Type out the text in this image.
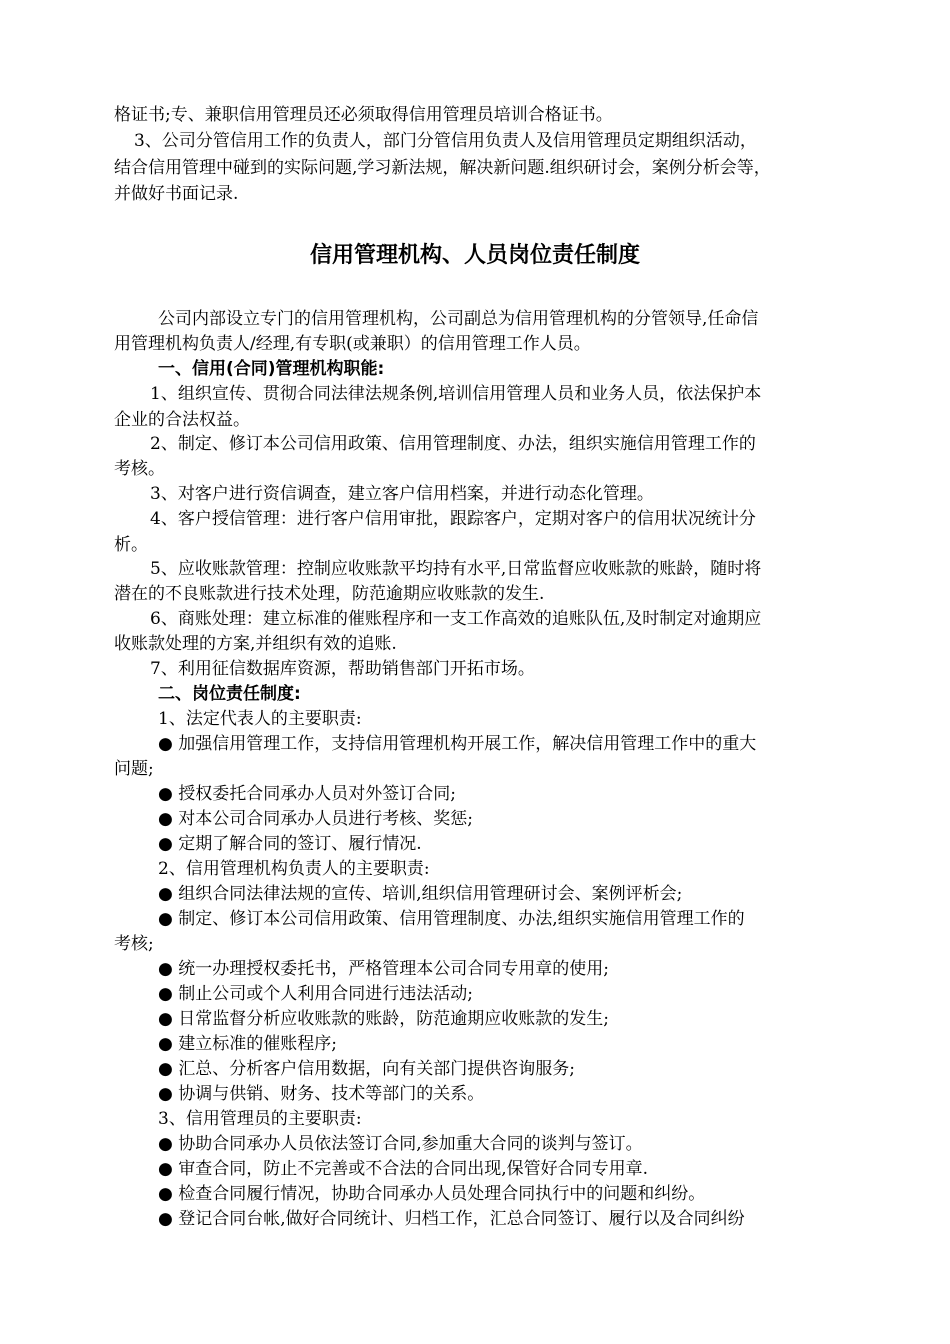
格证书;专、兼职信用管理员还必须取得信用管理员培训合格证书。
3、公司分管信用工作的负责人，部门分管信用负责人及信用管理员定期组织活动，
结合信用管理中碰到的实际问题,学习新法规，解决新问题.组织研讨会，案例分析会等，
并做好书面记录.
信用管理机构、人员岗位责任制度
公司内部设立专门的信用管理机构，公司副总为信用管理机构的分管领导,任命信
用管理机构负责人/经理,有专职(或兼职）的信用管理工作人员。
一、信用(合同)管理机构职能:
1、组织宣传、贯彻合同法律法规条例,培训信用管理人员和业务人员，依法保护本
企业的合法权益。
2、制定、修订本公司信用政策、信用管理制度、办法，组织实施信用管理工作的
考核。
3、对客户进行资信调查，建立客户信用档案，并进行动态化管理。
4、客户授信管理：进行客户信用审批，跟踪客户，定期对客户的信用状况统计分
析。
5、应收账款管理：控制应收账款平均持有水平,日常监督应收账款的账龄，随时将
潜在的不良账款进行技术处理，防范逾期应收账款的发生.
6、商账处理：建立标准的催账程序和一支工作高效的追账队伍,及时制定对逾期应
收账款处理的方案,并组织有效的追账.
7、利用征信数据库资源，帮助销售部门开拓市场。
二、岗位责任制度:
1、法定代表人的主要职责:
● 加强信用管理工作，支持信用管理机构开展工作，解决信用管理工作中的重大
问题;
● 授权委托合同承办人员对外签订合同;
● 对本公司合同承办人员进行考核、奖惩;
● 定期了解合同的签订、履行情况.
2、信用管理机构负责人的主要职责:
● 组织合同法律法规的宣传、培训,组织信用管理研讨会、案例评析会;
● 制定、修订本公司信用政策、信用管理制度、办法,组织实施信用管理工作的
考核;
● 统一办理授权委托书，严格管理本公司合同专用章的使用;
● 制止公司或个人利用合同进行违法活动;
● 日常监督分析应收账款的账龄，防范逾期应收账款的发生;
● 建立标准的催账程序;
● 汇总、分析客户信用数据，向有关部门提供咨询服务;
● 协调与供销、财务、技术等部门的关系。
3、信用管理员的主要职责:
● 协助合同承办人员依法签订合同,参加重大合同的谈判与签订。
● 审查合同，防止不完善或不合法的合同出现,保管好合同专用章.
● 检查合同履行情况，协助合同承办人员处理合同执行中的问题和纠纷。
● 登记合同台帐,做好合同统计、归档工作，汇总合同签订、履行以及合同纠纷
